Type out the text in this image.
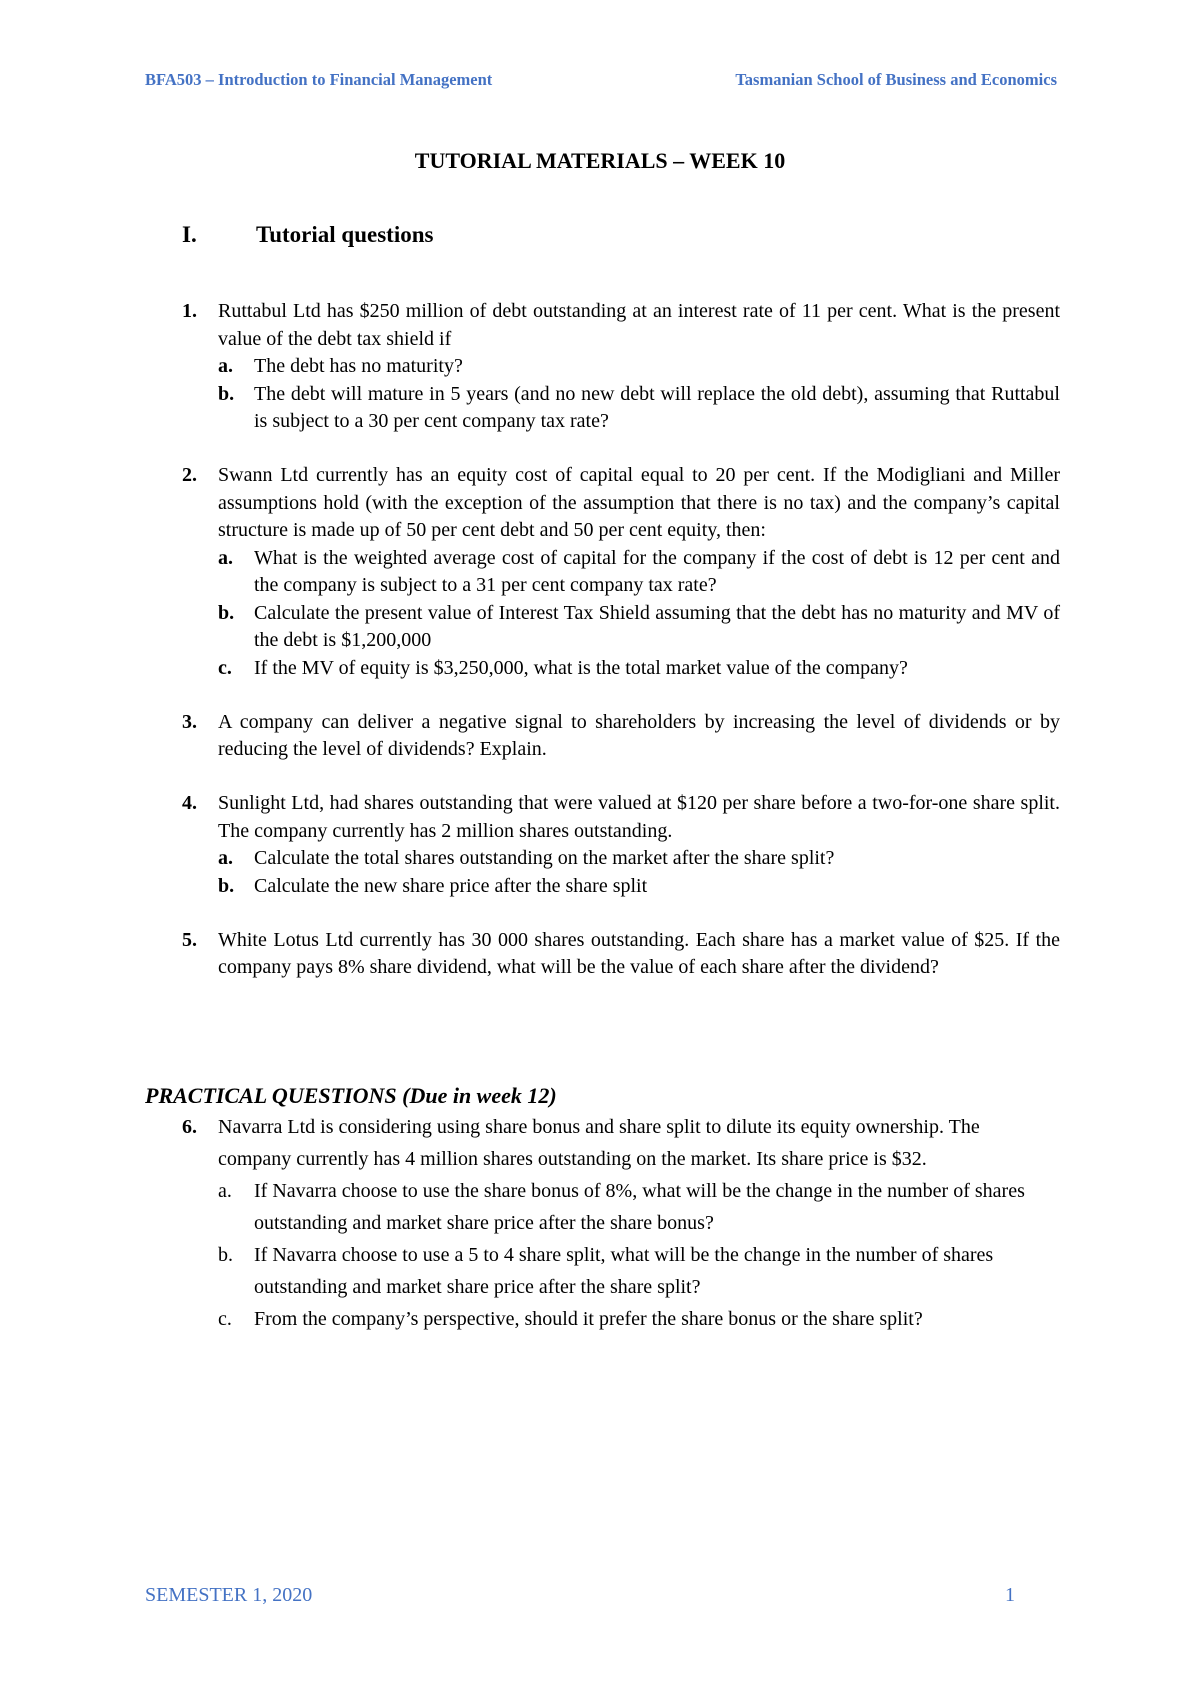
BFA503 – Introduction to Financial Management	Tasmanian School of Business and Economics
TUTORIAL MATERIALS – WEEK 10
I.	Tutorial questions
1. Ruttabul Ltd has $250 million of debt outstanding at an interest rate of 11 per cent. What is the present value of the debt tax shield if
a. The debt has no maturity?
b. The debt will mature in 5 years (and no new debt will replace the old debt), assuming that Ruttabul is subject to a 30 per cent company tax rate?
2. Swann Ltd currently has an equity cost of capital equal to 20 per cent. If the Modigliani and Miller assumptions hold (with the exception of the assumption that there is no tax) and the company’s capital structure is made up of 50 per cent debt and 50 per cent equity, then:
a. What is the weighted average cost of capital for the company if the cost of debt is 12 per cent and the company is subject to a 31 per cent company tax rate?
b. Calculate the present value of Interest Tax Shield assuming that the debt has no maturity and MV of the debt is $1,200,000
c. If the MV of equity is $3,250,000, what is the total market value of the company?
3. A company can deliver a negative signal to shareholders by increasing the level of dividends or by reducing the level of dividends? Explain.
4. Sunlight Ltd, had shares outstanding that were valued at $120 per share before a two-for-one share split. The company currently has 2 million shares outstanding.
a. Calculate the total shares outstanding on the market after the share split?
b. Calculate the new share price after the share split
5. White Lotus Ltd currently has 30 000 shares outstanding. Each share has a market value of $25. If the company pays 8% share dividend, what will be the value of each share after the dividend?
PRACTICAL QUESTIONS (Due in week 12)
6. Navarra Ltd is considering using share bonus and share split to dilute its equity ownership. The company currently has 4 million shares outstanding on the market. Its share price is $32.
a. If Navarra choose to use the share bonus of 8%, what will be the change in the number of shares outstanding and market share price after the share bonus?
b. If Navarra choose to use a 5 to 4 share split, what will be the change in the number of shares outstanding and market share price after the share split?
c. From the company’s perspective, should it prefer the share bonus or the share split?
SEMESTER 1, 2020	1
